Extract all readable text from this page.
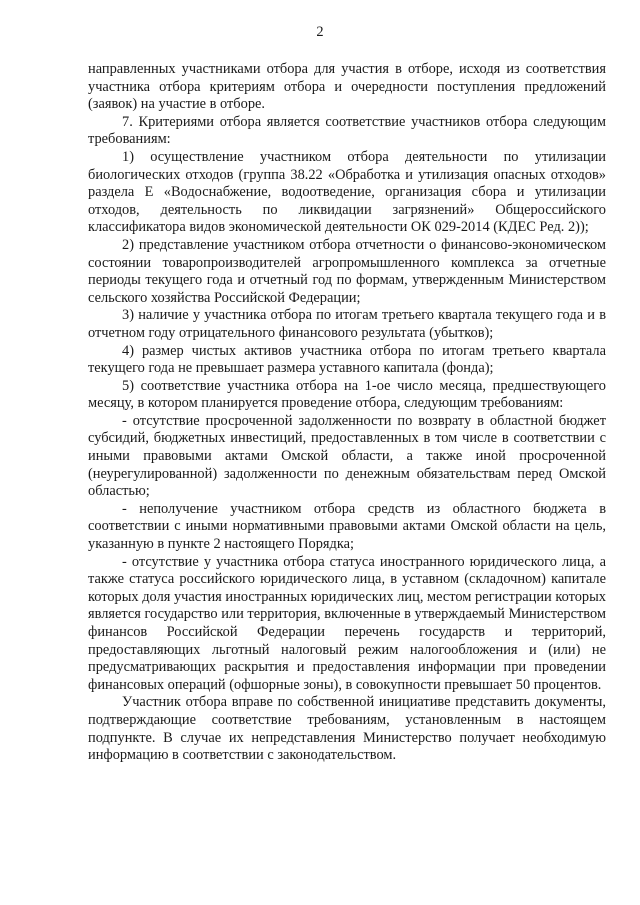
2

направленных участниками отбора для участия в отборе, исходя из соответствия участника отбора критериям отбора и очередности поступления предложений (заявок) на участие в отборе.

7. Критериями отбора является соответствие участников отбора следующим требованиям:

1) осуществление участником отбора деятельности по утилизации биологических отходов (группа 38.22 «Обработка и утилизация опасных отходов» раздела Е «Водоснабжение, водоотведение, организация сбора и утилизации отходов, деятельность по ликвидации загрязнений» Общероссийского классификатора видов экономической деятельности ОК 029-2014 (КДЕС Ред. 2));

2) представление участником отбора отчетности о финансово-экономическом состоянии товаропроизводителей агропромышленного комплекса за отчетные периоды текущего года и отчетный год по формам, утвержденным Министерством сельского хозяйства Российской Федерации;

3) наличие у участника отбора по итогам третьего квартала текущего года и в отчетном году отрицательного финансового результата (убытков);

4) размер чистых активов участника отбора по итогам третьего квартала текущего года не превышает размера уставного капитала (фонда);

5) соответствие участника отбора на 1-ое число месяца, предшествующего месяцу, в котором планируется проведение отбора, следующим требованиям:

- отсутствие просроченной задолженности по возврату в областной бюджет субсидий, бюджетных инвестиций, предоставленных в том числе в соответствии с иными правовыми актами Омской области, а также иной просроченной (неурегулированной) задолженности по денежным обязательствам перед Омской областью;

- неполучение участником отбора средств из областного бюджета в соответствии с иными нормативными правовыми актами Омской области на цель, указанную в пункте 2 настоящего Порядка;

- отсутствие у участника отбора статуса иностранного юридического лица, а также статуса российского юридического лица, в уставном (складочном) капитале которых доля участия иностранных юридических лиц, местом регистрации которых является государство или территория, включенные в утверждаемый Министерством финансов Российской Федерации перечень государств и территорий, предоставляющих льготный налоговый режим налогообложения и (или) не предусматривающих раскрытия и предоставления информации при проведении финансовых операций (офшорные зоны), в совокупности превышает 50 процентов.

Участник отбора вправе по собственной инициативе представить документы, подтверждающие соответствие требованиям, установленным в настоящем подпункте. В случае их непредставления Министерство получает необходимую информацию в соответствии с законодательством.
